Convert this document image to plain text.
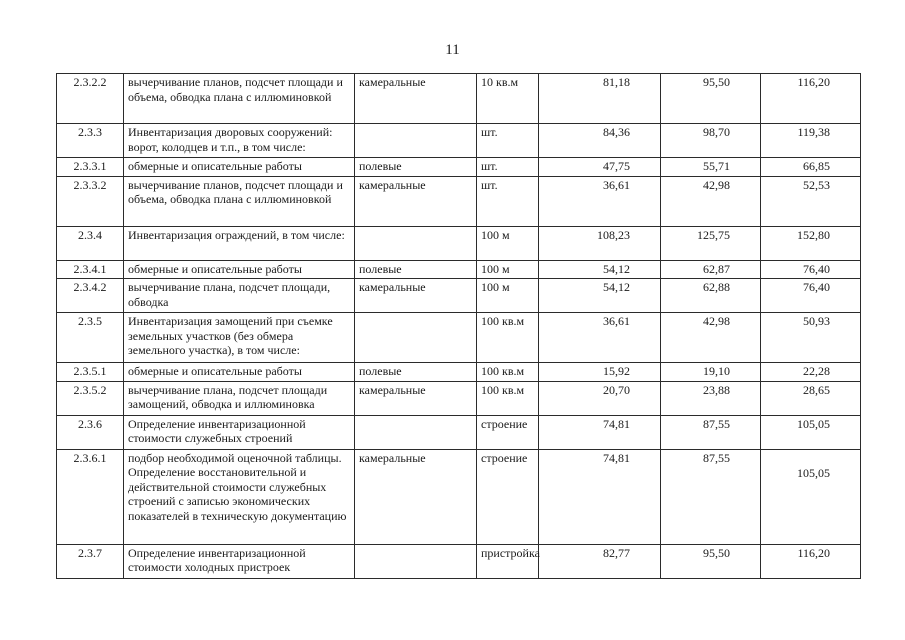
11
2.3.2.2	вычерчивание планов, подсчет площади и объема, обводка плана с иллюминовкой	камеральные	10 кв.м	81,18	95,50	116,20
2.3.3	Инвентаризация дворовых сооружений: ворот, колодцев и т.п., в том числе:		шт.	84,36	98,70	119,38
2.3.3.1	обмерные и описательные работы	полевые	шт.	47,75	55,71	66,85
2.3.3.2	вычерчивание планов, подсчет площади и объема, обводка плана с иллюминовкой	камеральные	шт.	36,61	42,98	52,53
2.3.4	Инвентаризация ограждений, в том числе:		100 м	108,23	125,75	152,80
2.3.4.1	обмерные и описательные работы	полевые	100 м	54,12	62,87	76,40
2.3.4.2	вычерчивание плана, подсчет площади, обводка	камеральные	100 м	54,12	62,88	76,40
2.3.5	Инвентаризация замощений при съемке земельных участков (без обмера земельного участка), в том числе:		100 кв.м	36,61	42,98	50,93
2.3.5.1	обмерные и описательные работы	полевые	100 кв.м	15,92	19,10	22,28
2.3.5.2	вычерчивание плана, подсчет площади замощений, обводка и иллюминовка	камеральные	100 кв.м	20,70	23,88	28,65
2.3.6	Определение инвентаризационной стоимости служебных строений		строение	74,81	87,55	105,05
2.3.6.1	подбор необходимой оценочной таблицы. Определение восстановительной и действительной стоимости служебных строений с записью экономических показателей в техническую документацию	камеральные	строение	74,81	87,55	105,05
2.3.7	Определение инвентаризационной стоимости холодных пристроек		пристройка	82,77	95,50	116,20
